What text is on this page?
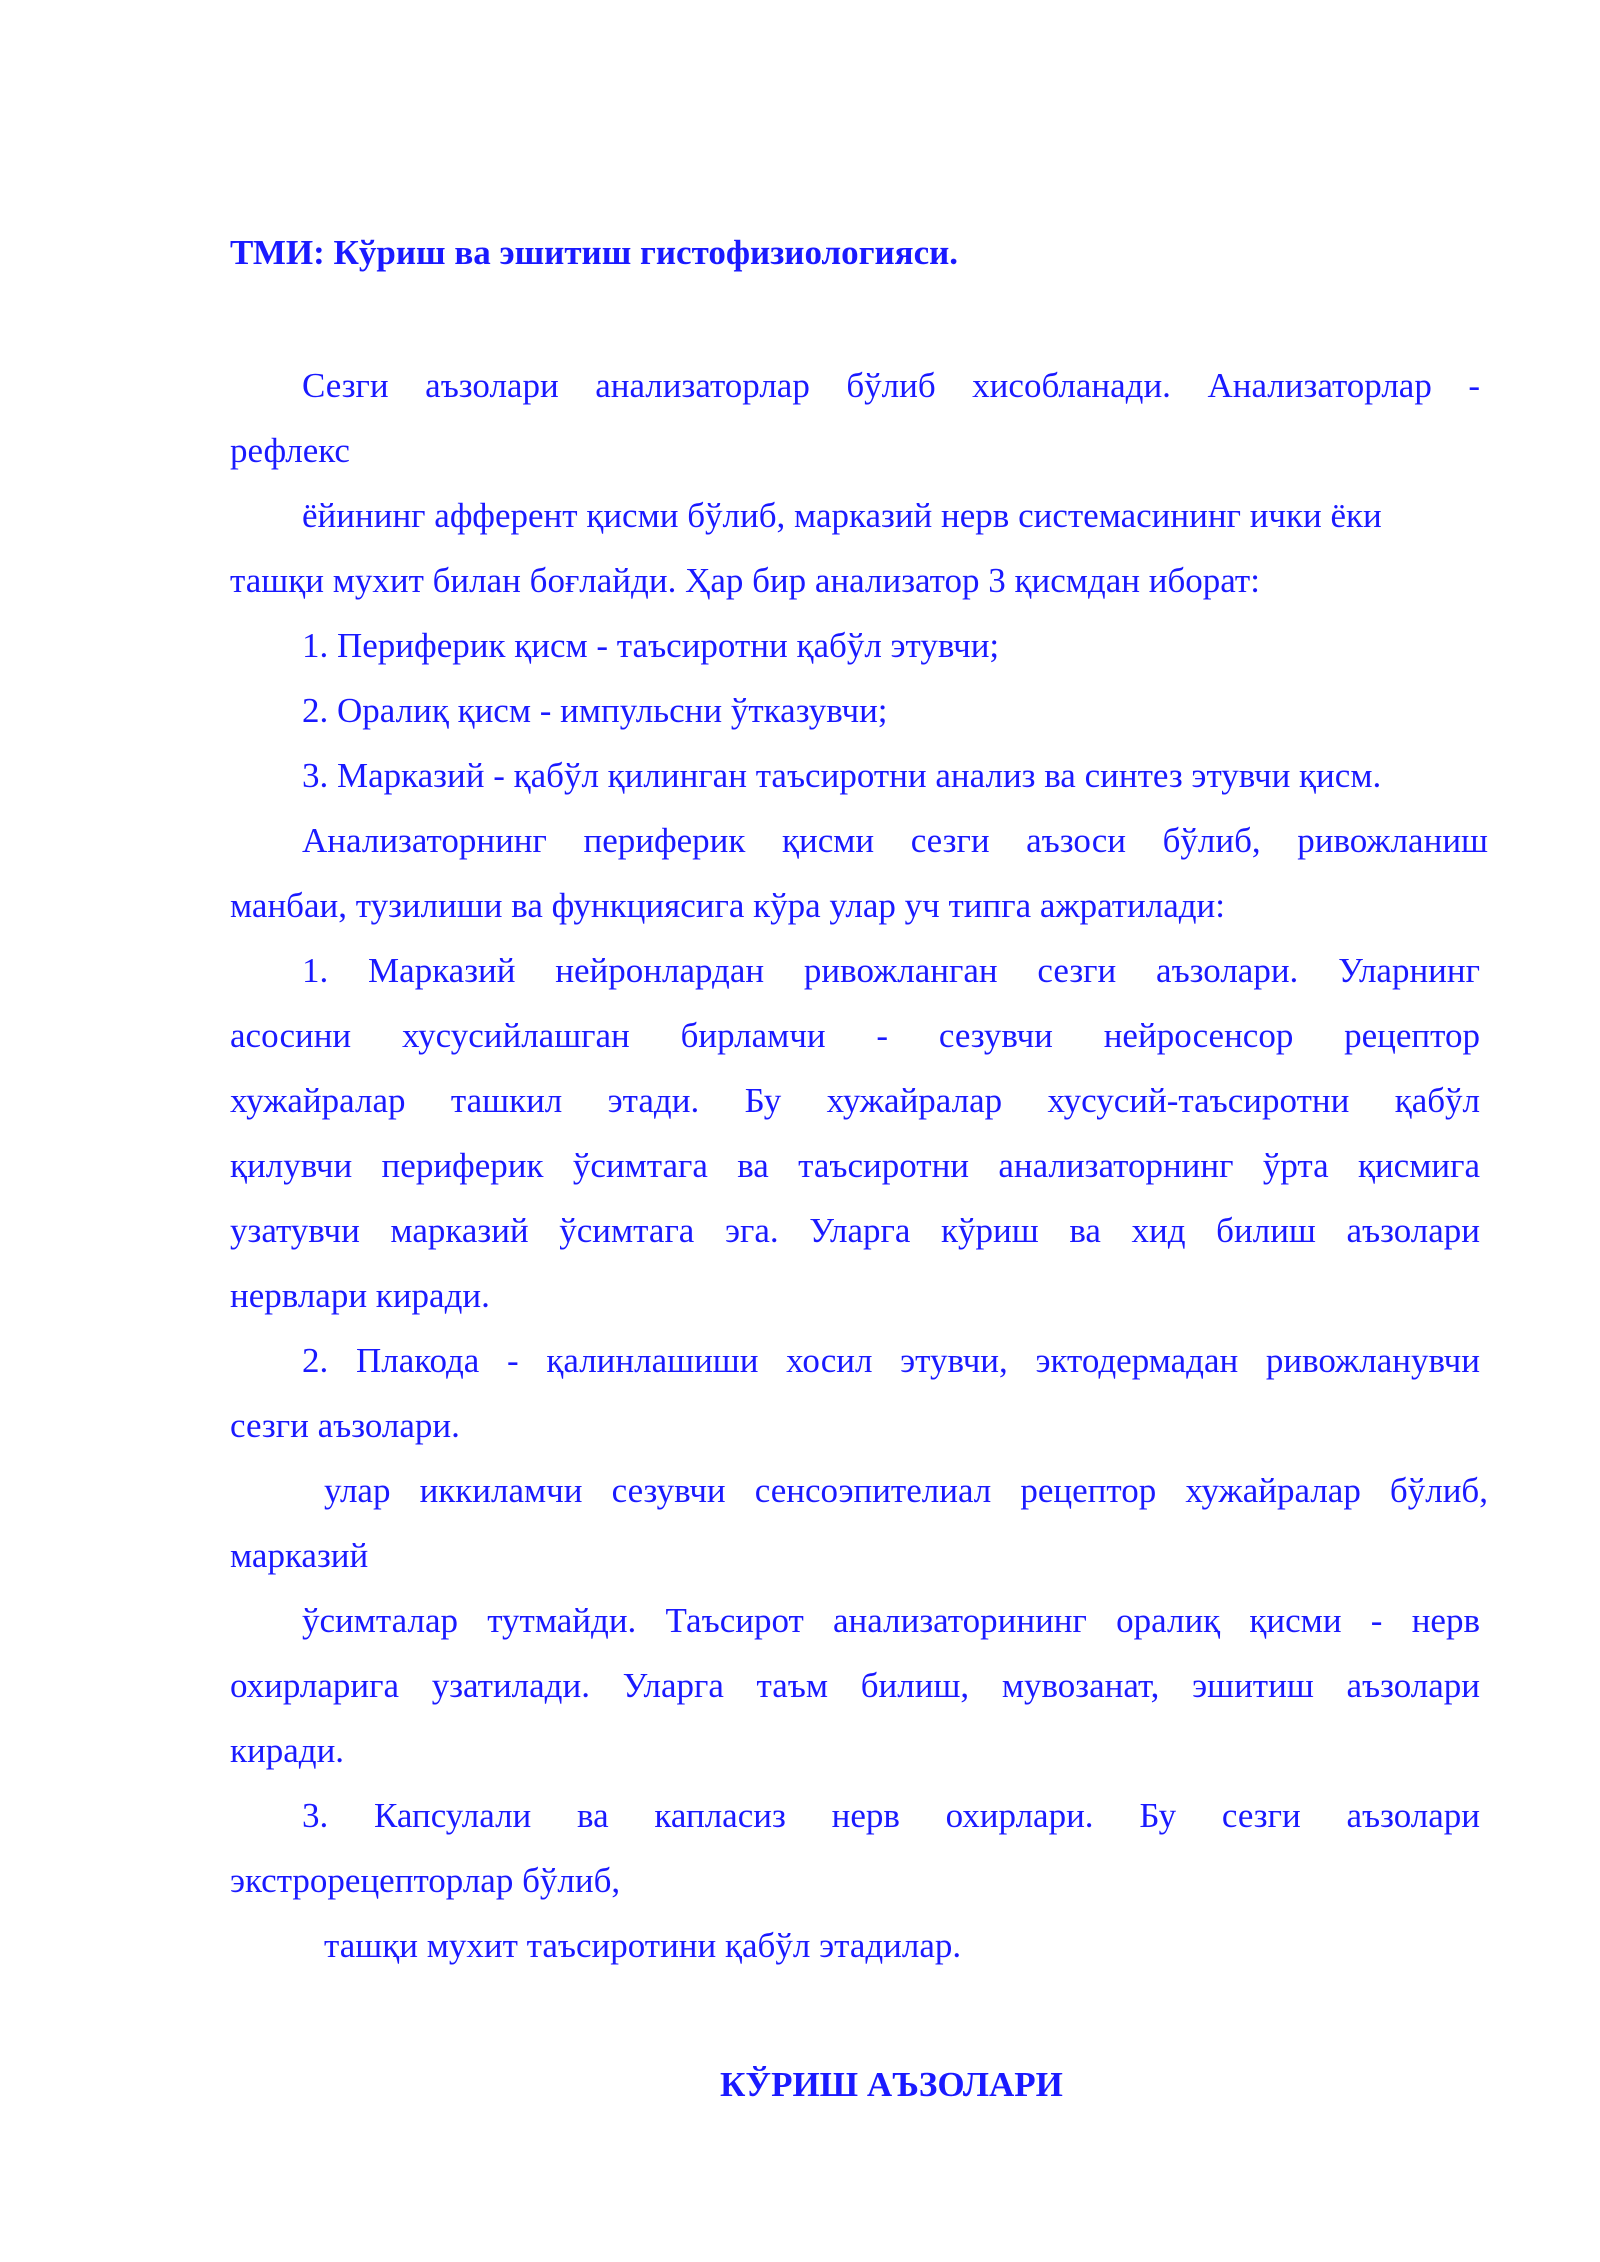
ТМИ: Кўриш ва эшитиш гистофизиологияси.

Сезги аъзолари анализаторлар бўлиб хисобланади. Анализаторлар -

рефлекс

ёйининг афферент қисми бўлиб, марказий нерв системасининг ички ёки

ташқи мухит билан боғлайди. Ҳар бир анализатор 3 қисмдан иборат:

1. Периферик қисм - таъсиротни қабўл этувчи;

2. Оралиқ қисм - импульсни ўтказувчи;

3. Марказий - қабўл қилинган таъсиротни анализ ва синтез этувчи қисм.

Анализаторнинг периферик қисми сезги аъзоси бўлиб, ривожланиш

манбаи, тузилиши ва функциясига кўра улар уч типга ажратилади:

1. Марказий нейронлардан ривожланган сезги аъзолари. Уларнинг

асосини хусусийлашган бирламчи - сезувчи нейросенсор рецептор

хужайралар ташкил этади. Бу хужайралар хусусий-таъсиротни қабўл

қилувчи периферик ўсимтага ва таъсиротни анализаторнинг ўрта қисмига

узатувчи марказий ўсимтага эга. Уларга кўриш ва хид билиш аъзолари

нервлари киради.

2. Плакода - қалинлашиши хосил этувчи, эктодермадан ривожланувчи

сезги аъзолари.

улар иккиламчи сезувчи сенсоэпителиал рецептор хужайралар бўлиб,

марказий

ўсимталар тутмайди. Таъсирот анализаторининг оралиқ қисми - нерв

охирларига узатилади. Уларга таъм билиш, мувозанат, эшитиш аъзолари

киради.

3. Капсулали ва капласиз нерв охирлари. Бу сезги аъзолари

экстрорецепторлар бўлиб,

ташқи мухит таъсиротини қабўл этадилар.

КЎРИШ АЪЗОЛАРИ
